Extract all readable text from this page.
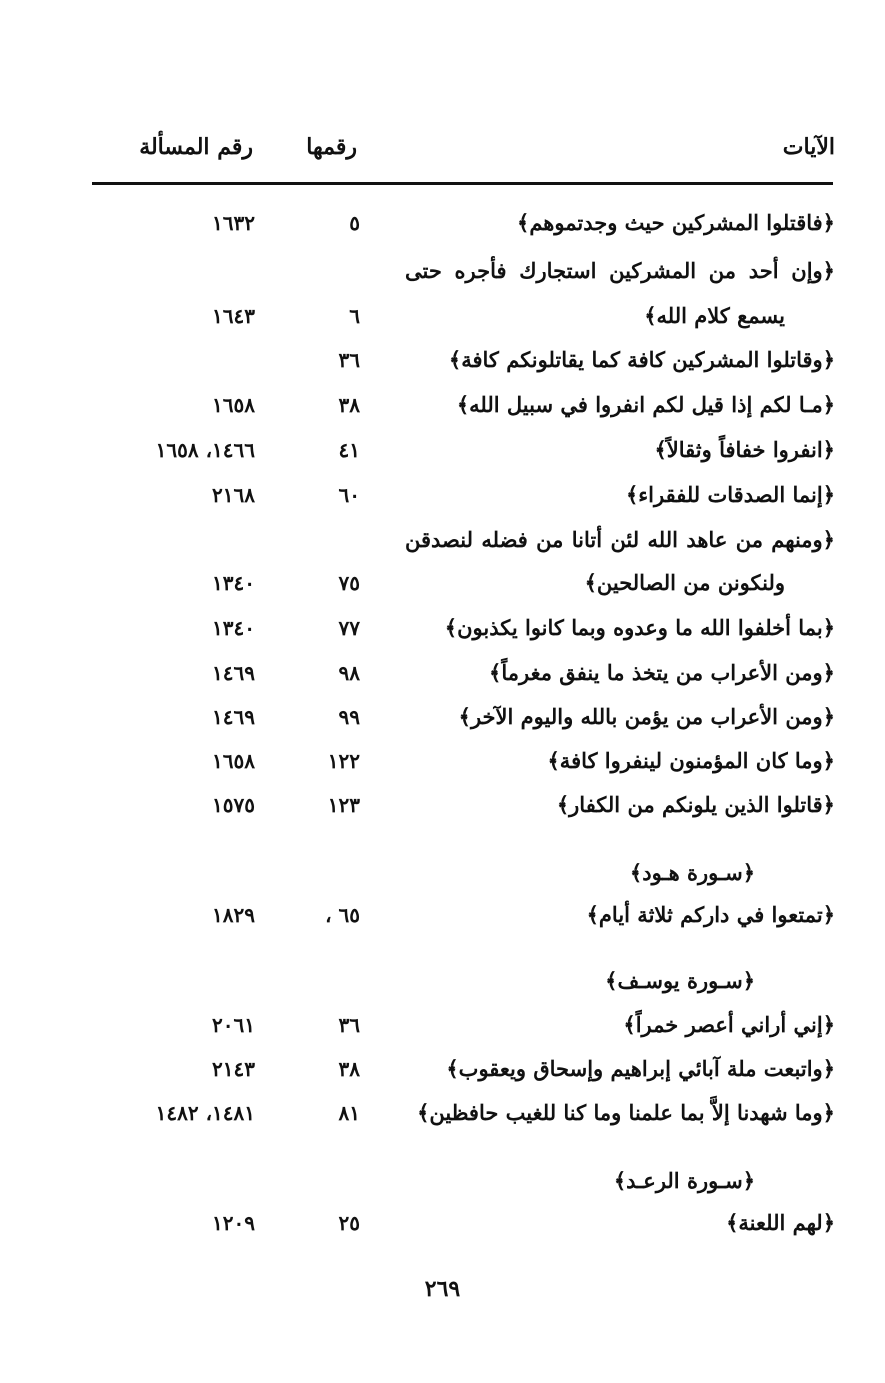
الآيات
رقمها
رقم المسألة
﴿فاقتلوا المشركين حيث وجدتموهم﴾
٥
١٦٣٢
﴿وإن أحد من المشركين استجارك فأجره حتى
يسمع كلام الله﴾
٦
١٦٤٣
﴿وقاتلوا المشركين كافة كما يقاتلونكم كافة﴾
٣٦
﴿مـا لكم إذا قيل لكم انفروا في سبيل الله﴾
٣٨
١٦٥٨
﴿انفروا خفافاً وثقالاً﴾
٤١
١٤٦٦، ١٦٥٨
﴿إنما الصدقات للفقراء﴾
٦٠
٢١٦٨
﴿ومنهم من عاهد الله لئن أتانا من فضله لنصدقن
ولنكونن من الصالحين﴾
٧٥
١٣٤٠
﴿بما أخلفوا الله ما وعدوه وبما كانوا يكذبون﴾
٧٧
١٣٤٠
﴿ومن الأعراب من يتخذ ما ينفق مغرماً﴾
٩٨
١٤٦٩
﴿ومن الأعراب من يؤمن بالله واليوم الآخر﴾
٩٩
١٤٦٩
﴿وما كان المؤمنون لينفروا كافة﴾
١٢٢
١٦٥٨
﴿قاتلوا الذين يلونكم من الكفار﴾
١٢٣
١٥٧٥
﴿سـورة هـود﴾
﴿تمتعوا في داركم ثلاثة أيام﴾
٦٥ ،
١٨٢٩
﴿سـورة يوسـف﴾
﴿إني أراني أعصر خمراً﴾
٣٦
٢٠٦١
﴿واتبعت ملة آبائي إبراهيم وإسحاق ويعقوب﴾
٣٨
٢١٤٣
﴿وما شهدنا إلاَّ بما علمنا وما كنا للغيب حافظين﴾
٨١
١٤٨١، ١٤٨٢
﴿سـورة الرعـد﴾
﴿لهم اللعنة﴾
٢٥
١٢٠٩
٢٦٩
